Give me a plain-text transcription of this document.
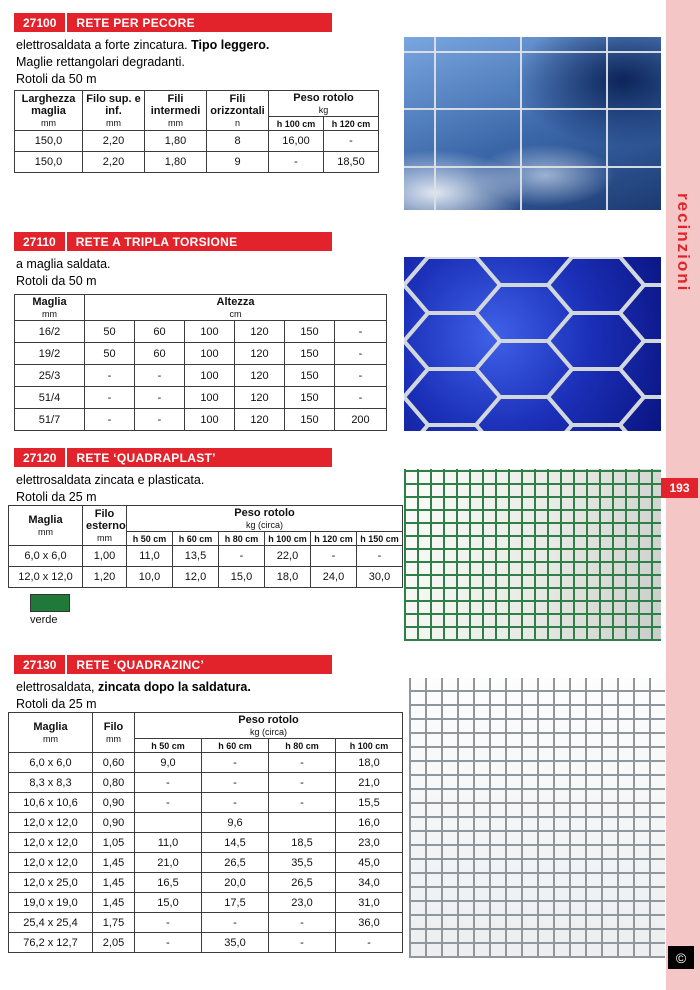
27100	RETE PER PECORE
elettrosaldata a forte zincatura. Tipo leggero.
Maglie rettangolari degradanti.
Rotoli da 50 m
Larghezza maglia
mm	Filo sup. e inf.
mm	Fili intermedi
mm	Fili orizzontali
n	Peso rotolo
kg	

				h 100 cm	h 120 cm
150,0	2,20	1,80	8	16,00	-
150,0	2,20	1,80	9	-	18,50
27110	RETE A TRIPLA TORSIONE
a maglia saldata.
Rotoli da 50 m
Maglia
mm	Altezza
cm					

16/2	50	60	100	120	150	-
19/2	50	60	100	120	150	-
25/3	-	-	100	120	150	-
51/4	-	-	100	120	150	-
51/7	-	-	100	120	150	200
27120	RETE ‘QUADRAPLAST’
elettrosaldata zincata e plasticata.
Rotoli da 25 m
Maglia
mm	Filo esterno
mm	Peso rotolo
kg (circa)					

		h 50 cm	h 60 cm	h 80 cm	h 100 cm	h 120 cm	h 150 cm
6,0 x 6,0	1,00	11,0	13,5	-	22,0	-	-
12,0 x 12,0	1,20	10,0	12,0	15,0	18,0	24,0	30,0
verde
27130	RETE ‘QUADRAZINC’
elettrosaldata, zincata dopo la saldatura.
Rotoli da 25 m
Maglia
mm	Filo
mm	Peso rotolo
kg (circa)			

		h 50 cm	h 60 cm	h 80 cm	h 100 cm
6,0 x 6,0	0,60	9,0	-	-	18,0
8,3 x 8,3	0,80	-	-	-	21,0
10,6 x 10,6	0,90	-	-	-	15,5
12,0 x 12,0	0,90		9,6		16,0
12,0 x 12,0	1,05	11,0	14,5	18,5	23,0
12,0 x 12,0	1,45	21,0	26,5	35,5	45,0
12,0 x 25,0	1,45	16,5	20,0	26,5	34,0
19,0 x 19,0	1,45	15,0	17,5	23,0	31,0
25,4 x 25,4	1,75	-	-	-	36,0
76,2 x 12,7	2,05	-	35,0	-	-
recinzioni
193
©
